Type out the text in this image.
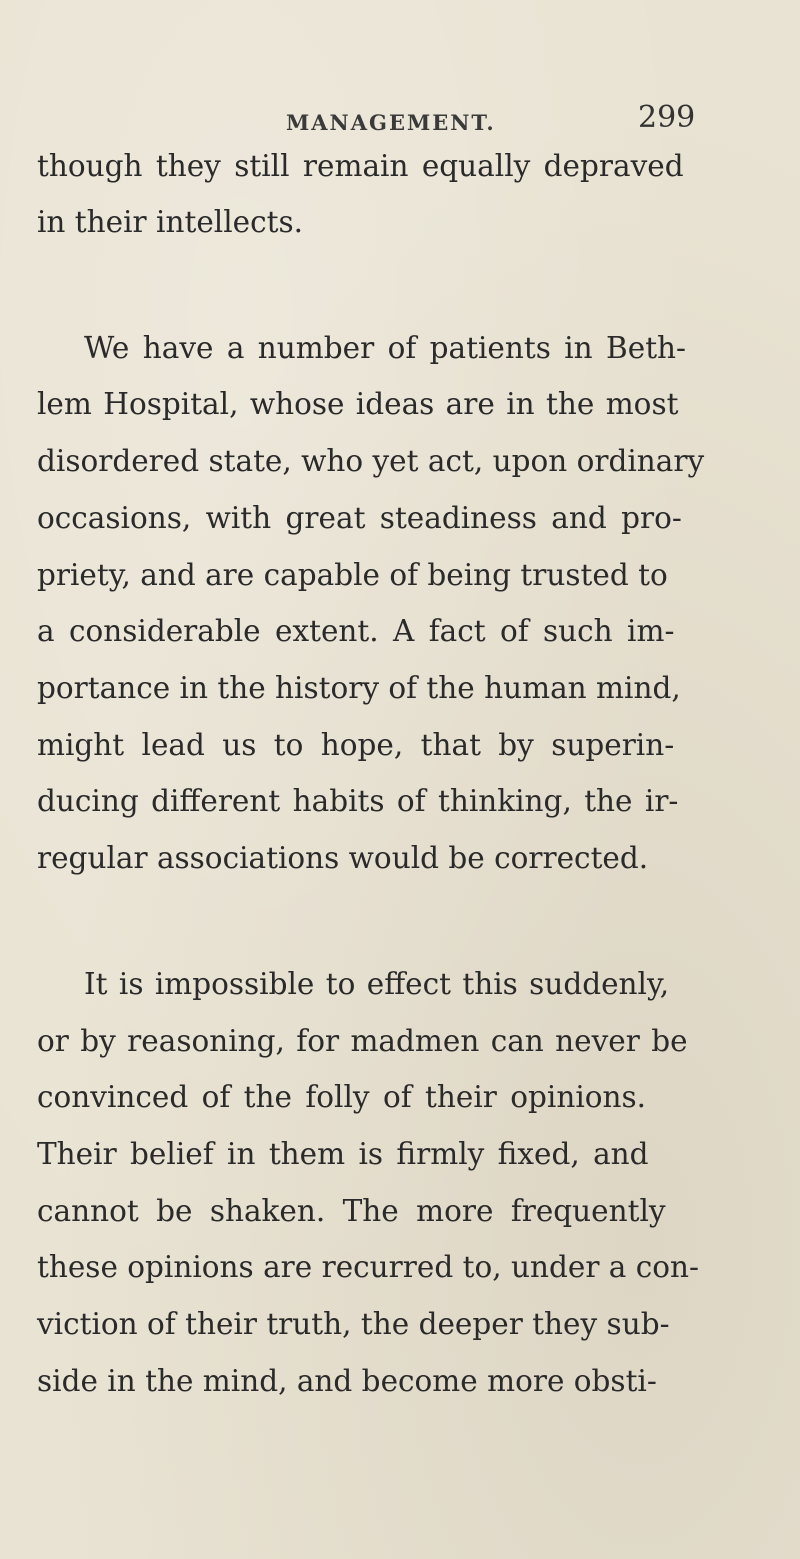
MANAGEMENT.	299
though they still remain equally depraved
in their intellects.
We have a number of patients in Beth-
lem Hospital, whose ideas are in the most
disordered state, who yet act, upon ordinary
occasions, with great steadiness and pro-
priety, and are capable of being trusted to
a considerable extent. A fact of such im-
portance in the history of the human mind,
might lead us to hope, that by superin-
ducing different habits of thinking, the ir-
regular associations would be corrected.
It is impossible to effect this suddenly,
or by reasoning, for madmen can never be
convinced of the folly of their opinions.
Their belief in them is firmly fixed, and
cannot be shaken. The more frequently
these opinions are recurred to, under a con-
viction of their truth, the deeper they sub-
side in the mind, and become more obsti-
